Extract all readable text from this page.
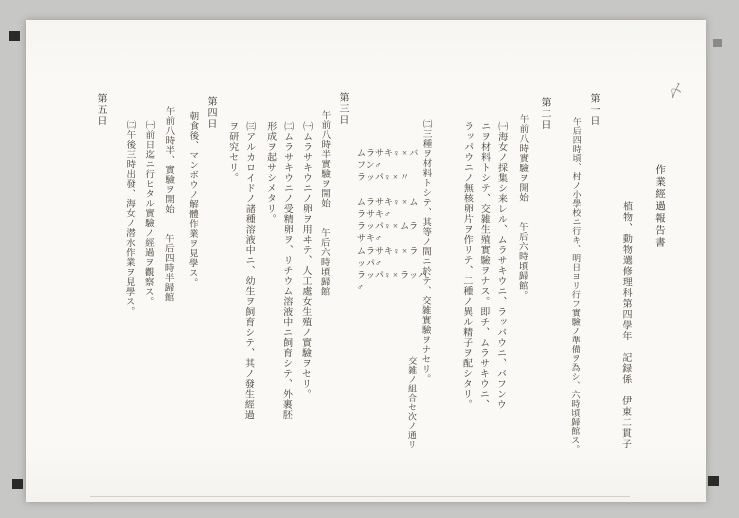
〆
作業經過報告書
植物、動物選修理科第四學年　記録係　伊東二貫子
第一日
午后四時頃、村ノ小學校ニ行キ、明日ヨリ行フ實驗ノ準備ヲ為シ、六時頃歸館ス。
第二日
午前八時實驗ヲ開始　　午后六時頃歸館。
㈠海女ノ採集シ来レル、ムラサキウニ、ラッパウニ、バフンウニヲ材料トシテ、交雑生殖實驗ヲナス。即チ、ムラサキウニ、ラッパウニノ無核卵片ヲ作リテ、二種ノ異ル精子ヲ配シタリ。
㈡三種ヲ材料トシテ、其等ノ間ニ於テ、交雑實驗ヲナセリ。
交雑ノ組合セ次ノ通リ
ムラサキ♀ × バフン♂
ラッパ♀ × 〃
ムラサキ♀ × ムラサキ♂
ラッパ♀ × ムラサキ♂
ムラサキ♀ × ラッパ♂
ラッパ♀ × ラッパ♂
第三日
午前八時半實驗ヲ開始　　午后六時頃歸館
㈠ムラサキウニノ卵ヲ用ヰテ、人工處女生殖ノ實驗ヲセリ。
㈡ムラサキウニノ受精卵ヲ、リチウム溶液中ニ飼育シテ、外裹胚形成ヲ起サシメタリ。
㈢アルカロイドノ諸種溶液中ニ、幼生ヲ飼育シテ、其ノ發生經過ヲ研究セリ。
第四日
朝食後、マンボウノ解體作業ヲ見學ス。
午前八時半、實驗ヲ開始　　午后四時半歸館
㈠前日迄ニ行ヒタル實驗ノ經過ヲ觀察ス。
㈡午後三時出發、海女ノ潜水作業ヲ見學ス。
第五日
